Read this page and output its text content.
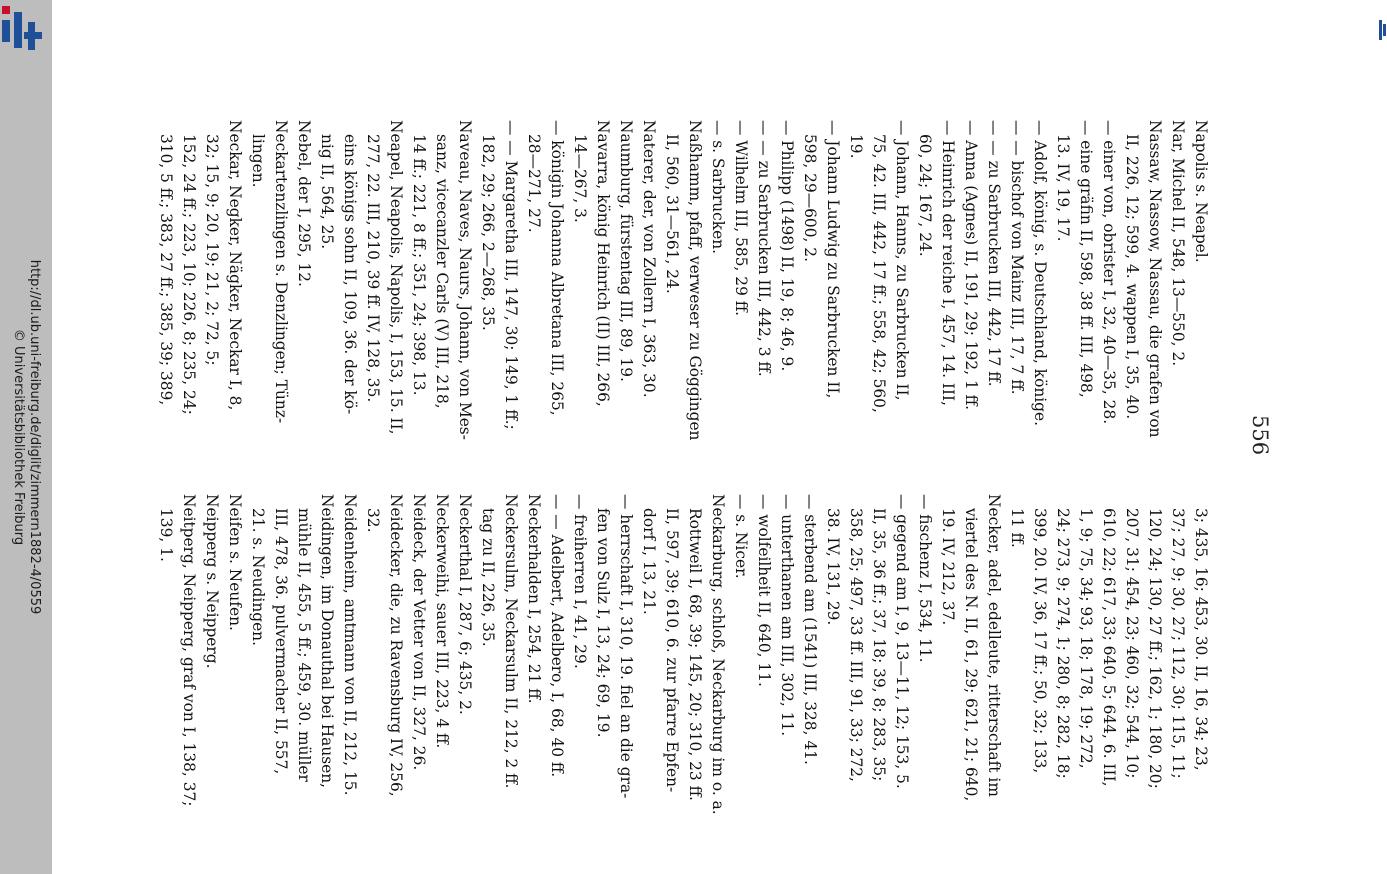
http://dl.ub.uni-freiburg.de/diglit/zimmern1882-4/0559
© Universitätsbibliothek Freiburg	556
Napolis s. Neapel.
Nar, Michel II, 548, 13—550, 2.
Nassaw, Nassow, Nassau, die grafen von
II, 226, 12; 599, 4. wappen I, 35, 40.
— einer von, obrister I, 32, 40—35, 28.
— eine gräfin II, 598, 38 ff. III, 498,
13. IV, 19, 17.
— Adolf, könig, s. Deutschland, könige.
— — bischof von Mainz III, 17, 7 ff.
— — zu Sarbrucken III, 442, 17 ff.
— Anna (Agnes) II, 191, 29; 192, 1 ff.
— Heinrich der reiche I, 457, 14. III,
60, 24; 167, 24.
— Johann, Hanns, zu Sarbrucken II,
75, 42. III, 442, 17 ff.; 558, 42; 560,
19.
— Johann Ludwig zu Sarbrucken II,
598, 29—600, 2.
— Philipp (1498) II, 19, 8; 46, 9.
— — zu Sarbrucken III, 442, 3 ff.
— Wilhelm III, 585, 29 ff.
— s. Sarbrucken.
Naßhamm, pfaff, verweser zu Göggingen
II, 560, 31—561, 24.
Naterer, der, von Zollern I, 363, 30.
Naumburg, fürstentag III, 89, 19.
Navarra, könig Heinrich (II) III, 266,
14—267, 3.
— königin Johanna Albretana III, 265,
28—271, 27.
— — Margaretha III, 147, 30; 149, 1 ff.;
182, 29; 266, 2—268, 35.
Naveau, Naves, Naurs, Johann, von Mes-
sanz, vicecanzler Carls (V) III, 218,
14 ff.; 221, 8 ff.; 351, 24; 398, 13.
Neapel, Neapolis, Napolis, I, 153, 15. II,
277, 22. III, 210, 39 ff. IV, 128, 35.
eins königs sohn II, 109, 36. der kö-
nig II, 564, 25.
Nebel, der I, 295, 12.
Neckartenzlingen s. Denzlingen; Tünz-
lingen.
Neckar, Negker, Nägker, Neckar I, 8,
32; 15, 9; 20, 19; 21, 2; 72, 5;
152, 24 ff.; 223, 10; 226, 8; 235, 24;
310, 5 ff.; 383, 27 ff.; 385, 39; 389,
3; 435, 16; 453, 30. II, 16, 34; 23,
37; 27, 9; 30, 27; 112, 30; 115, 11;
120, 24; 130, 27 ff.; 162, 1; 180, 20;
207, 31; 454, 23; 460, 32; 544, 10;
610, 22; 617, 33; 640, 5; 644, 6. III,
1, 9; 75, 34; 93, 18; 178, 19; 272,
24; 273, 9; 274, 1; 280, 8; 282, 18;
399, 20. IV, 36, 17 ff.; 50, 32; 133,
11 ff.
Necker, adel, edelleute, ritterschaft im
viertel des N. II, 61, 29; 621, 21; 640,
19. IV, 212, 37.
— fischenz I, 534, 11.
— gegend am I, 9, 13—11, 12; 153, 5.
II, 35, 36 ff.; 37, 18; 39, 8; 283, 35;
358, 25; 497, 33 ff. III, 91, 33; 272,
38. IV, 131, 29.
— sterbend am (1541) III, 328, 41.
— unterthanen am III, 302, 11.
— wolfeilheit II, 640, 11.
— s. Nicer.
Neckarburg, schloß, Neckarburg im o. a.
Rottweil I, 68, 39; 145, 20; 310, 23 ff.
II, 597, 39; 610, 6. zur pfarre Epfen-
dorf I, 13, 21.
— herrschaft I, 310, 19. fiel an die gra-
fen von Sulz I, 13, 24; 69, 19.
— freiherren I, 41, 29.
— — Adelbert, Adelbero, I, 68, 40 ff.
Neckerhalden I, 254, 21 ff.
Neckersulm, Neckarsulm II, 212, 2 ff.
tag zu II, 226, 35.
Neckerthal I, 287, 6; 435, 2.
Neckerweihi, sauer III, 223, 4 ff.
Neideck, der Vetter von II, 327, 26.
Neidecker, die, zu Ravensburg IV, 256,
32.
Neidenheim, amtmann von II, 212, 15.
Neidingen, im Donauthal bei Hausen,
mühle II, 455, 5 ff.; 459, 30. müller
III, 478, 36. pulvermacher II, 557,
21. s. Neudingen.
Neifen s. Neufen.
Neipperg s. Neipperg.
Neitperg, Neipperg, graf von I, 138, 37;
139, 1.
